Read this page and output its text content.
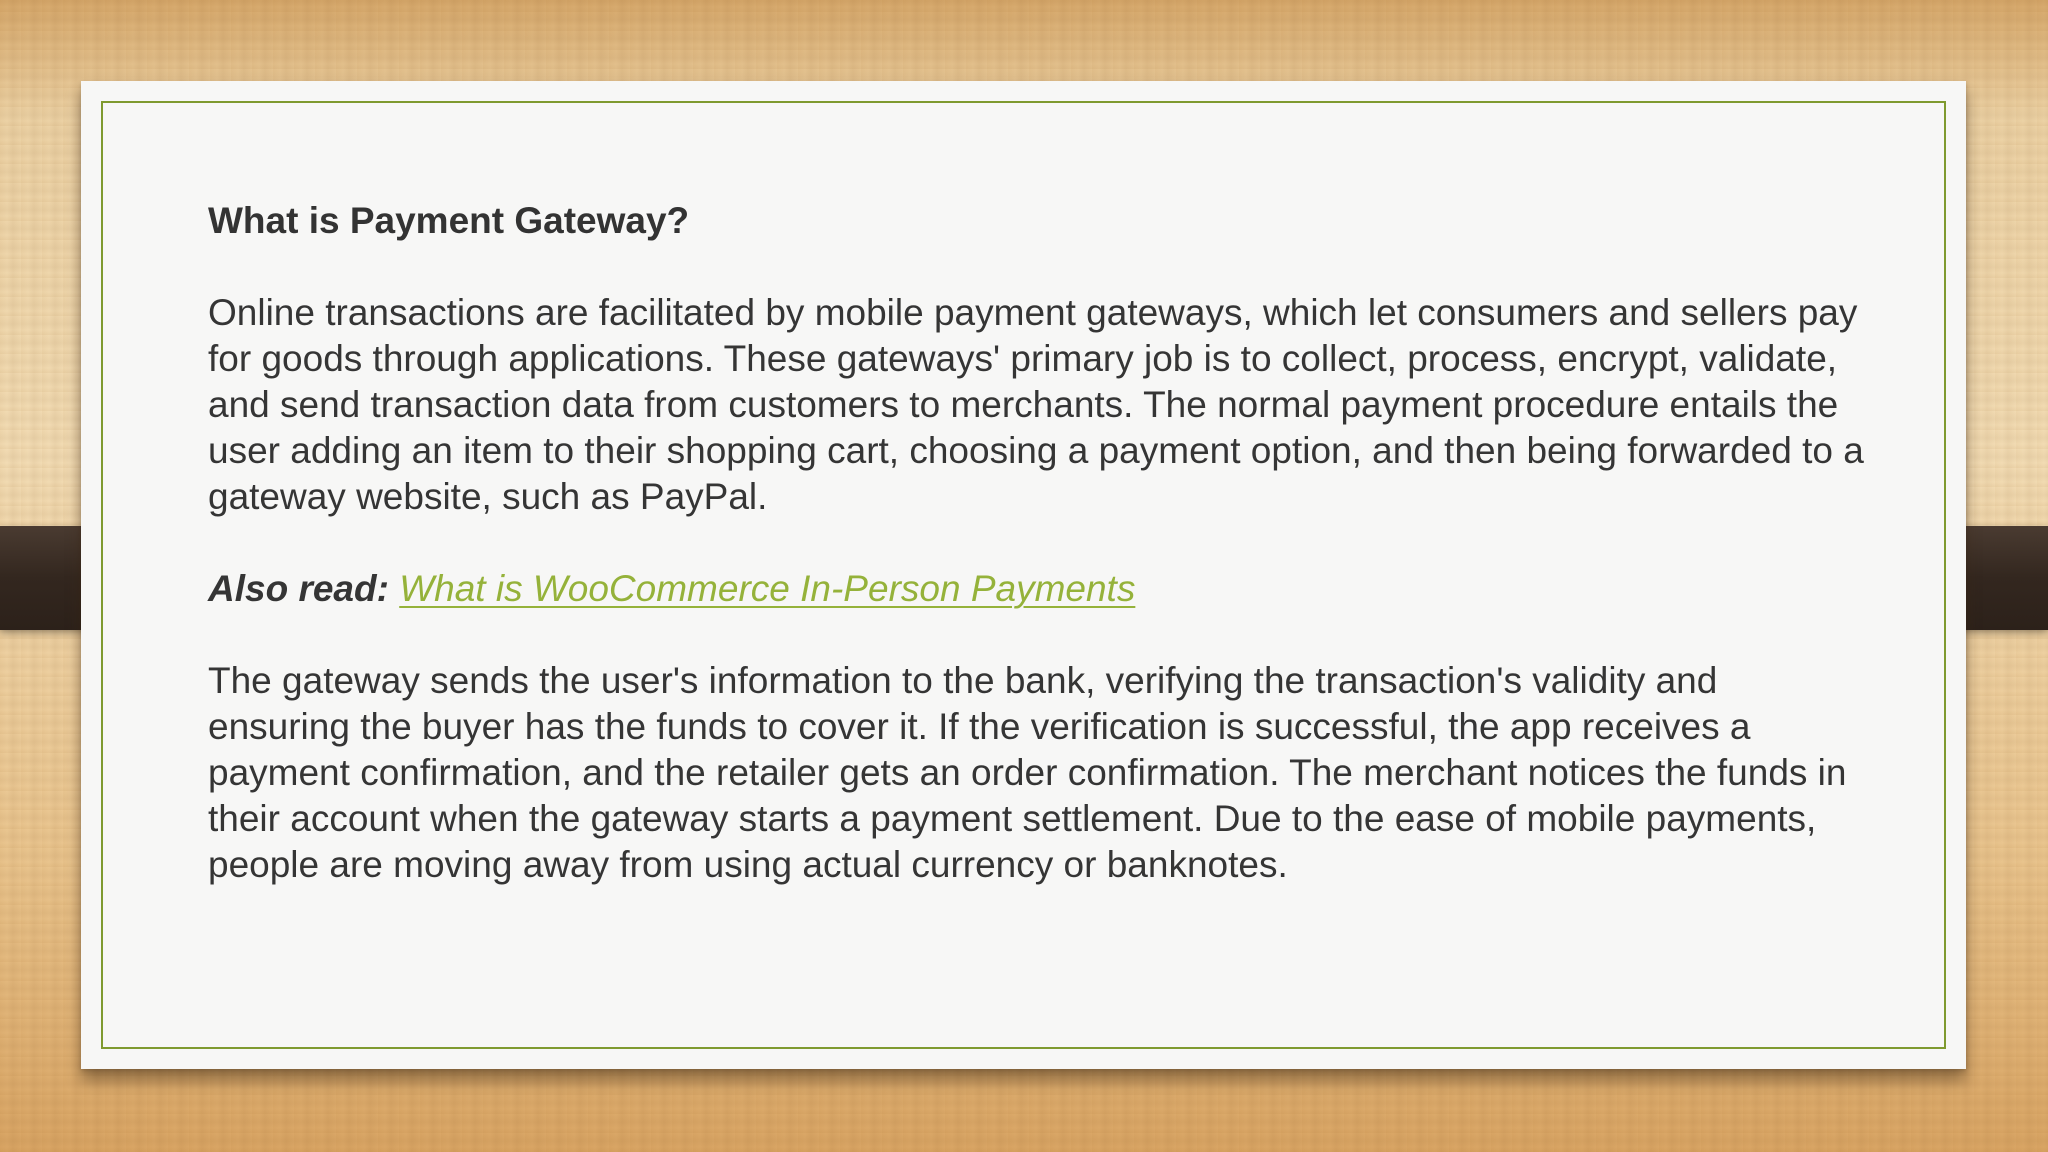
What is Payment Gateway?

Online transactions are facilitated by mobile payment gateways, which let consumers and sellers pay for goods through applications. These gateways' primary job is to collect, process, encrypt, validate, and send transaction data from customers to merchants. The normal payment procedure entails the user adding an item to their shopping cart, choosing a payment option, and then being forwarded to a gateway website, such as PayPal.

Also read: What is WooCommerce In-Person Payments

The gateway sends the user's information to the bank, verifying the transaction's validity and ensuring the buyer has the funds to cover it. If the verification is successful, the app receives a payment confirmation, and the retailer gets an order confirmation. The merchant notices the funds in their account when the gateway starts a payment settlement. Due to the ease of mobile payments, people are moving away from using actual currency or banknotes.
